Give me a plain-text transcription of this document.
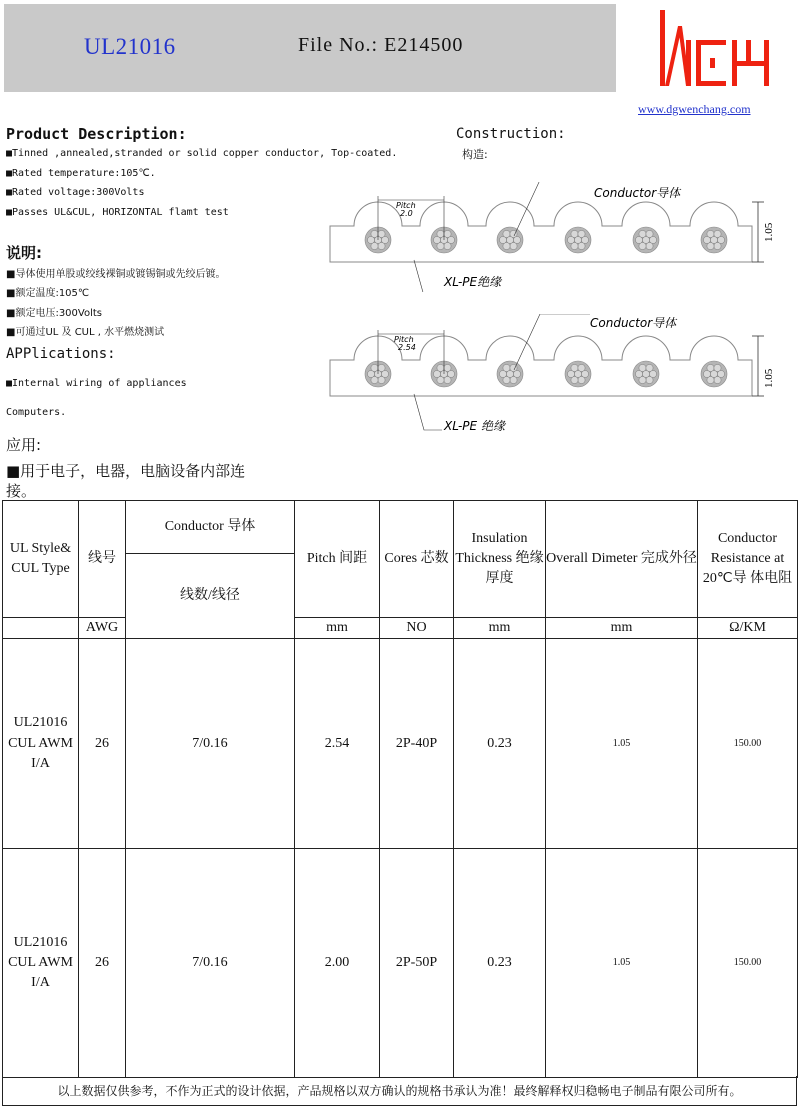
UL21016	File No.: E214500
www.dgwenchang.com
Product Description:
■Tinned ,annealed,stranded or solid copper conductor, Top-coated.
■Rated temperature:105℃.
■Rated voltage:300Volts
■Passes UL&CUL, HORIZONTAL flamt test
说明:
■导体使用单股或绞线裸铜或镀锡铜或先绞后镀。
■额定温度:105℃
■额定电压:300Volts
■可通过UL 及 CUL , 水平燃烧测试
APPlications:
■Internal wiring of appliances
Computers.
应用:
■用于电子，电器，电脑设备内部连
接。
Construction:
构造:
Pitch
2.0
Conductor导体
XL-PE绝缘
1.05
Pitch
2.54
Conductor导体
XL-PE 绝缘
1.05
UL Style& CUL Type	线号	Conductor 导体	Pitch 间距	Cores 芯数	Insulation Thickness 绝缘厚度	Overall Dimeter 完成外径	Conductor Resistance at 20℃导 体电阻
		线数/线径					
	AWG		mm	NO	mm	mm	Ω/KM
UL21016 CUL AWM I/A	26	7/0.16	2.54	2P-40P	0.23	1.05	150.00
UL21016 CUL AWM I/A	26	7/0.16	2.00	2P-50P	0.23	1.05	150.00
以上数据仅供参考，不作为正式的设计依据，产品规格以双方确认的规格书承认为准！最终解释权归稳畅电子制品有限公司所有。
